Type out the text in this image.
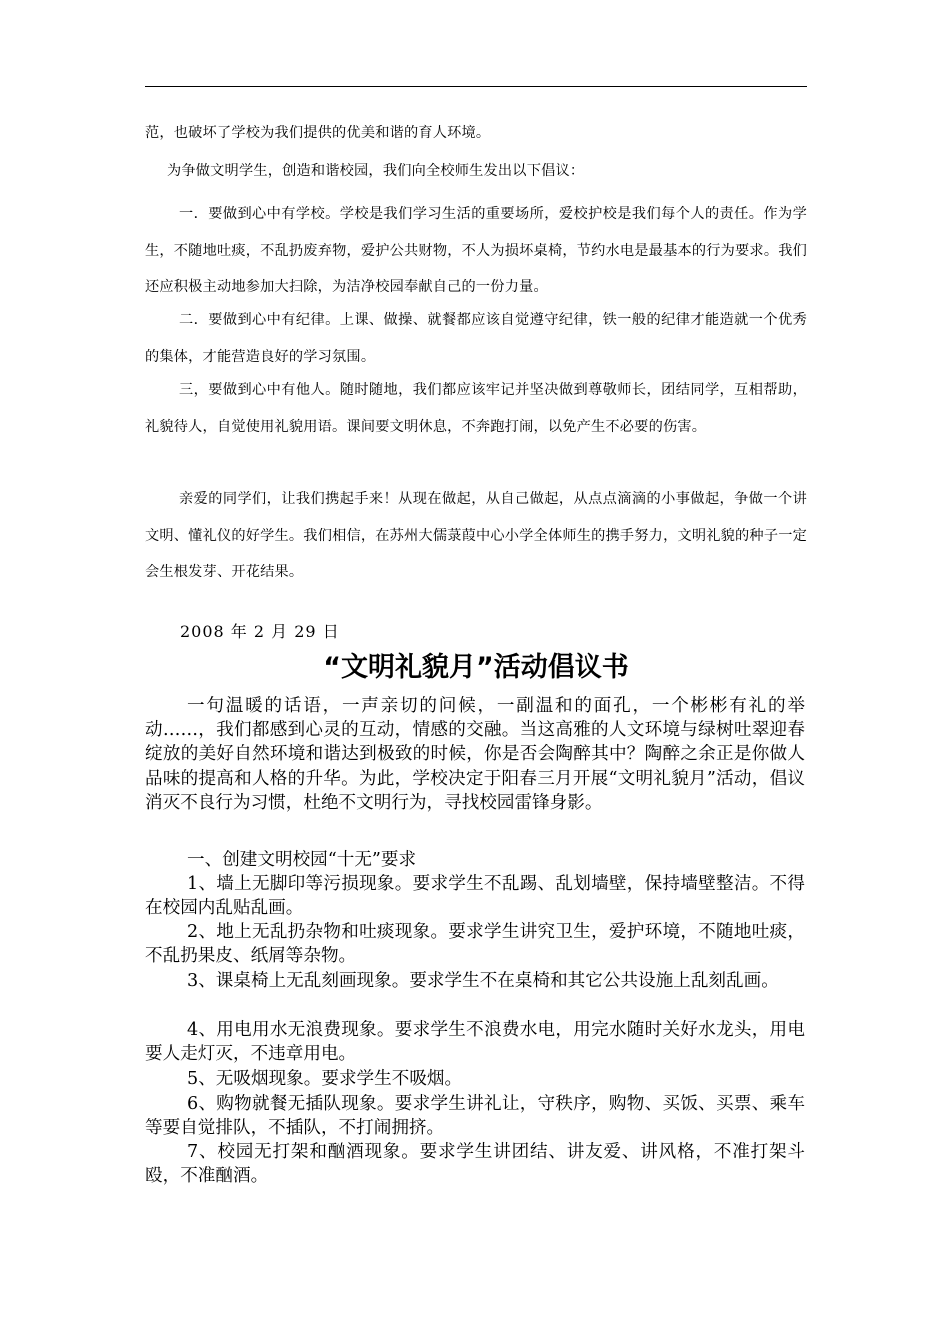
范，也破坏了学校为我们提供的优美和谐的育人环境。

为争做文明学生，创造和谐校园，我们向全校师生发出以下倡议：

一．要做到心中有学校。学校是我们学习生活的重要场所，爱校护校是我们每个人的责任。作为学生，不随地吐痰，不乱扔废弃物，爱护公共财物，不人为损坏桌椅，节约水电是最基本的行为要求。我们还应积极主动地参加大扫除，为洁净校园奉献自己的一份力量。

二．要做到心中有纪律。上课、做操、就餐都应该自觉遵守纪律，铁一般的纪律才能造就一个优秀的集体，才能营造良好的学习氛围。

三，要做到心中有他人。随时随地，我们都应该牢记并坚决做到尊敬师长，团结同学，互相帮助，礼貌待人，自觉使用礼貌用语。课间要文明休息，不奔跑打闹，以免产生不必要的伤害。

亲爱的同学们，让我们携起手来！从现在做起，从自己做起，从点点滴滴的小事做起，争做一个讲文明、懂礼仪的好学生。我们相信，在苏州大儒菉葭中心小学全体师生的携手努力，文明礼貌的种子一定会生根发芽、开花结果。

2008 年 2 月 29 日
“文明礼貌月”活动倡议书

一句温暖的话语，一声亲切的问候，一副温和的面孔，一个彬彬有礼的举动……，我们都感到心灵的互动，情感的交融。当这高雅的人文环境与绿树吐翠迎春绽放的美好自然环境和谐达到极致的时候，你是否会陶醉其中？陶醉之余正是你做人品味的提高和人格的升华。为此，学校决定于阳春三月开展“文明礼貌月”活动，倡议消灭不良行为习惯，杜绝不文明行为，寻找校园雷锋身影。

一、创建文明校园“十无”要求

1、墙上无脚印等污损现象。要求学生不乱踢、乱划墙壁，保持墙壁整洁。不得在校园内乱贴乱画。

2、地上无乱扔杂物和吐痰现象。要求学生讲究卫生，爱护环境，不随地吐痰，不乱扔果皮、纸屑等杂物。

3、课桌椅上无乱刻画现象。要求学生不在桌椅和其它公共设施上乱刻乱画。

4、用电用水无浪费现象。要求学生不浪费水电，用完水随时关好水龙头，用电要人走灯灭，不违章用电。

5、无吸烟现象。要求学生不吸烟。

6、购物就餐无插队现象。要求学生讲礼让，守秩序，购物、买饭、买票、乘车等要自觉排队，不插队，不打闹拥挤。

7、校园无打架和酗酒现象。要求学生讲团结、讲友爱、讲风格，不准打架斗殴，不准酗酒。
